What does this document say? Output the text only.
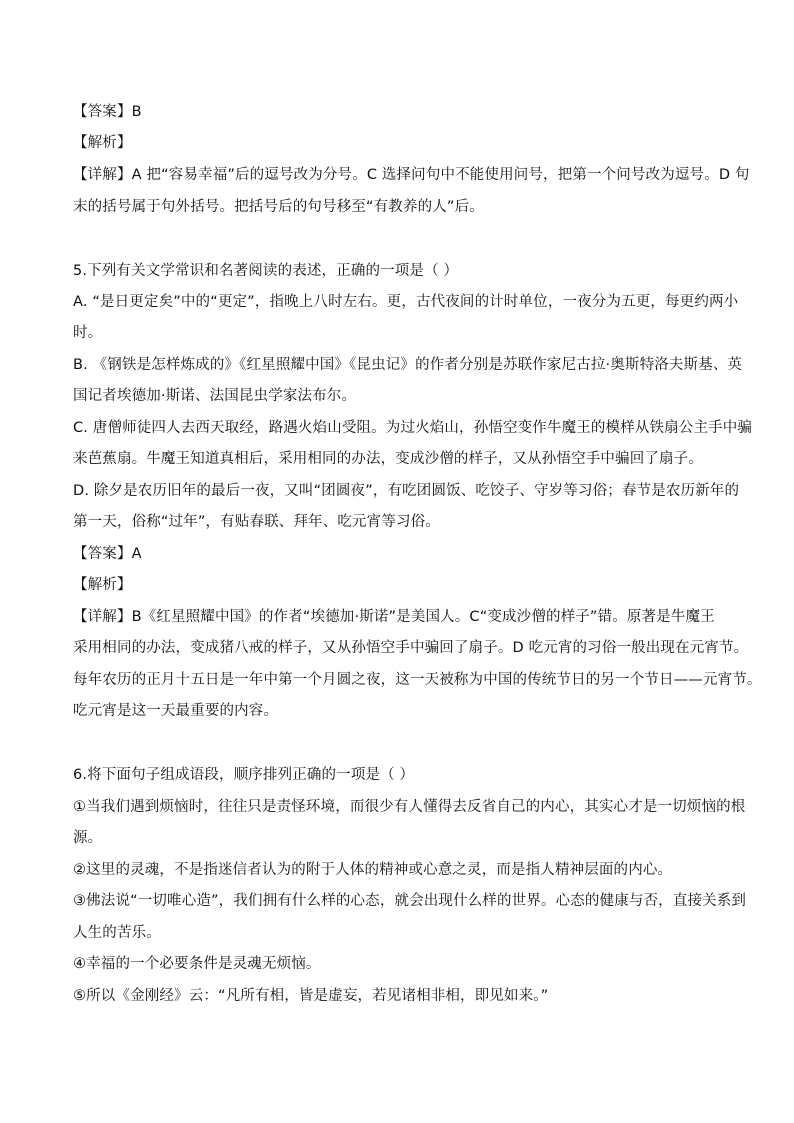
【答案】B
【解析】
【详解】A 把“容易幸福”后的逗号改为分号。C 选择问句中不能使用问号，把第一个问号改为逗号。D 句
末的括号属于句外括号。把括号后的句号移至“有教养的人”后。
5.下列有关文学常识和名著阅读的表述，正确的一项是（ ）
A. “是日更定矣”中的“更定”，指晚上八时左右。更，古代夜间的计时单位，一夜分为五更，每更约两小
时。
B. 《钢铁是怎样炼成的》《红星照耀中国》《昆虫记》的作者分别是苏联作家尼古拉·奥斯特洛夫斯基、英
国记者埃德加·斯诺、法国昆虫学家法布尔。
C. 唐僧师徒四人去西天取经，路遇火焰山受阻。为过火焰山，孙悟空变作牛魔王的模样从铁扇公主手中骗
来芭蕉扇。牛魔王知道真相后，采用相同的办法，变成沙僧的样子，又从孙悟空手中骗回了扇子。
D. 除夕是农历旧年的最后一夜，又叫“团圆夜”，有吃团圆饭、吃饺子、守岁等习俗；春节是农历新年的
第一天，俗称“过年”，有贴春联、拜年、吃元宵等习俗。
【答案】A
【解析】
【详解】B《红星照耀中国》的作者“埃德加·斯诺”是美国人。C“变成沙僧的样子”错。原著是牛魔王
采用相同的办法，变成猪八戒的样子，又从孙悟空手中骗回了扇子。D 吃元宵的习俗一般出现在元宵节。
每年农历的正月十五日是一年中第一个月圆之夜，这一天被称为中国的传统节日的另一个节日——元宵节。
吃元宵是这一天最重要的内容。
6.将下面句子组成语段，顺序排列正确的一项是（ ）
①当我们遇到烦恼时，往往只是责怪环境，而很少有人懂得去反省自己的内心，其实心才是一切烦恼的根
源。
②这里的灵魂，不是指迷信者认为的附于人体的精神或心意之灵，而是指人精神层面的内心。
③佛法说“一切唯心造”，我们拥有什么样的心态，就会出现什么样的世界。心态的健康与否，直接关系到
人生的苦乐。
④幸福的一个必要条件是灵魂无烦恼。
⑤所以《金刚经》云：“凡所有相，皆是虚妄，若见诸相非相，即见如来。”
